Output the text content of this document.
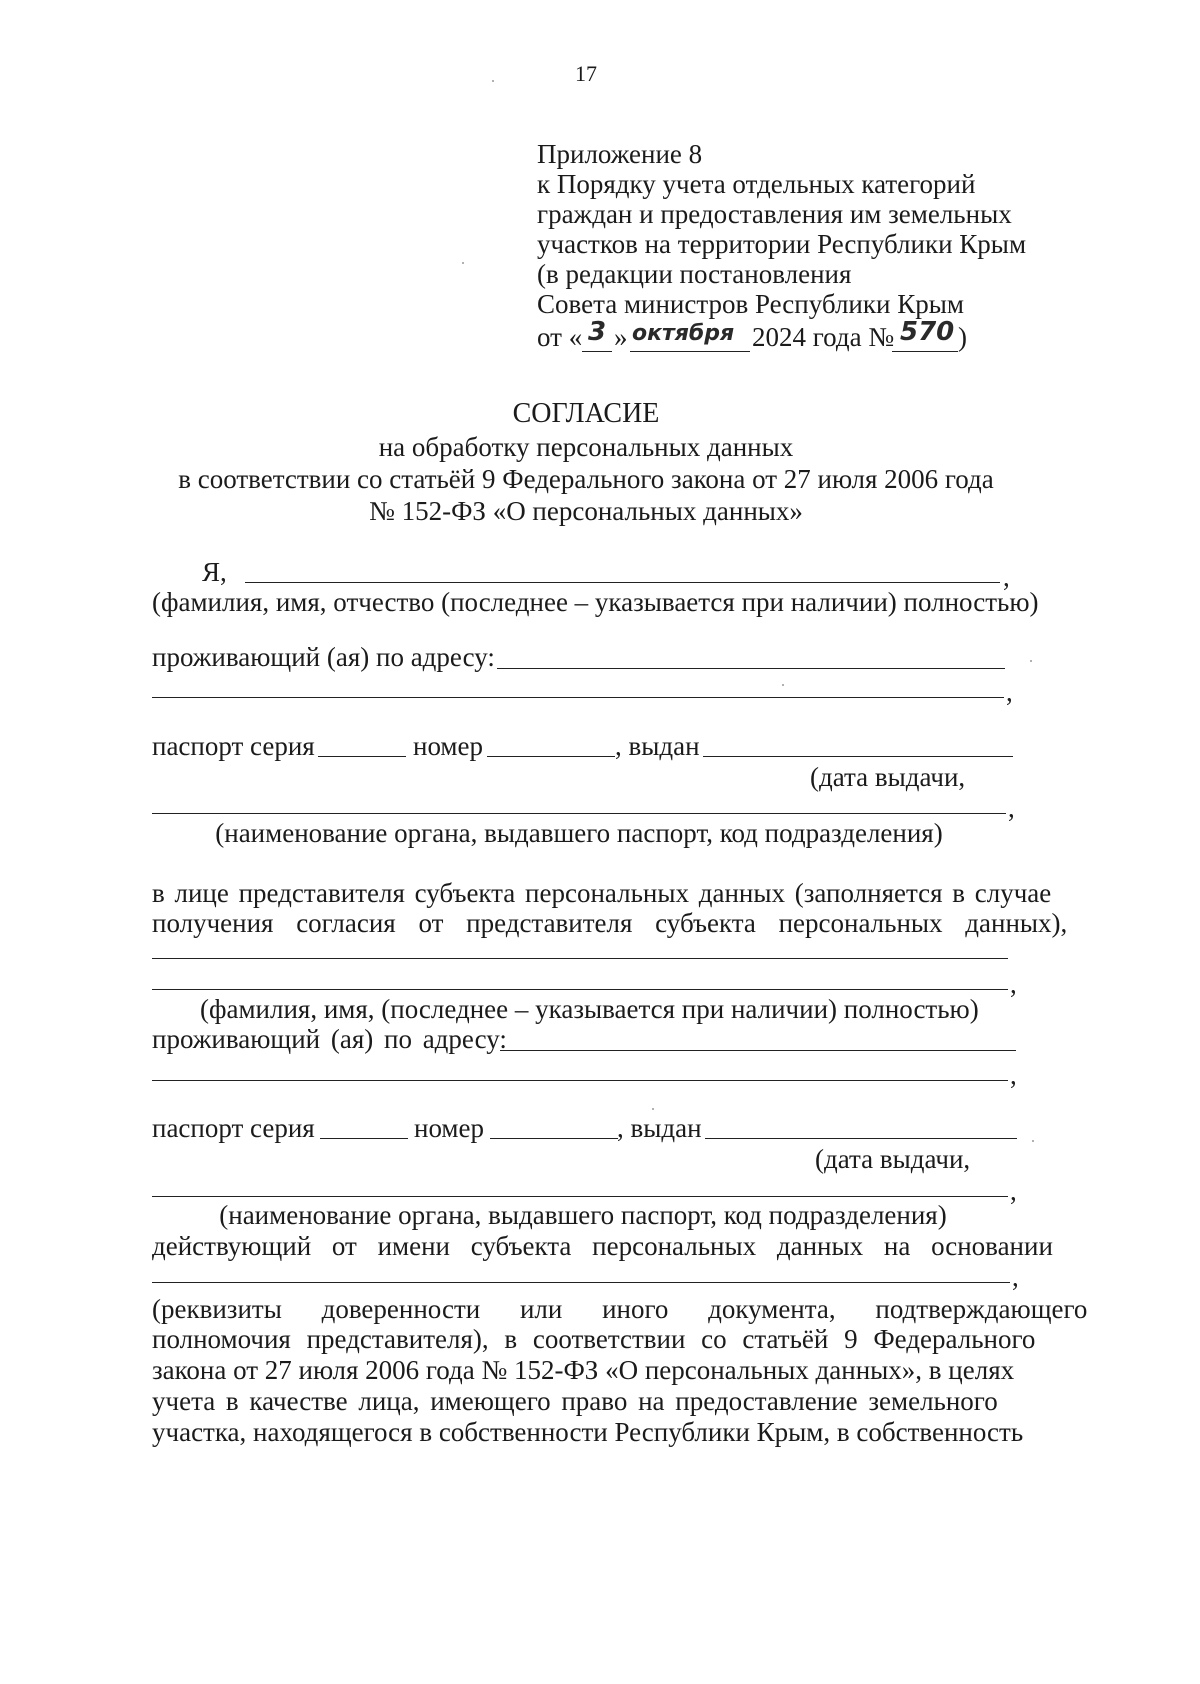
17
Приложение 8
к Порядку учета отдельных категорий
граждан и предоставления им земельных
участков на территории Республики Крым
(в редакции постановления
Совета министров Республики Крым
от « 3 » октября 2024 года № 570 )
СОГЛАСИЕ
на обработку персональных данных
в соответствии со статьёй 9 Федерального закона от 27 июля 2006 года
№ 152-ФЗ «О персональных данных»
Я,	,
(фамилия, имя, отчество (последнее – указывается при наличии) полностью)
проживающий (ая) по адресу:
,
паспорт серия	номер	, выдан
(дата выдачи,
,
(наименование органа, выдавшего паспорт, код подразделения)
в лице представителя субъекта персональных данных (заполняется в случае
получения согласия от представителя субъекта персональных данных),
,
(фамилия, имя, (последнее – указывается при наличии) полностью)
проживающий (ая) по адресу:
,
паспорт серия	номер	, выдан
(дата выдачи,
,
(наименование органа, выдавшего паспорт, код подразделения)
действующий от имени субъекта персональных данных на основании
,
(реквизиты доверенности или иного документа, подтверждающего
полномочия представителя), в соответствии со статьёй 9 Федерального
закона от 27 июля 2006 года № 152-ФЗ «О персональных данных», в целях
учета в качестве лица, имеющего право на предоставление земельного
участка, находящегося в собственности Республики Крым, в собственность
